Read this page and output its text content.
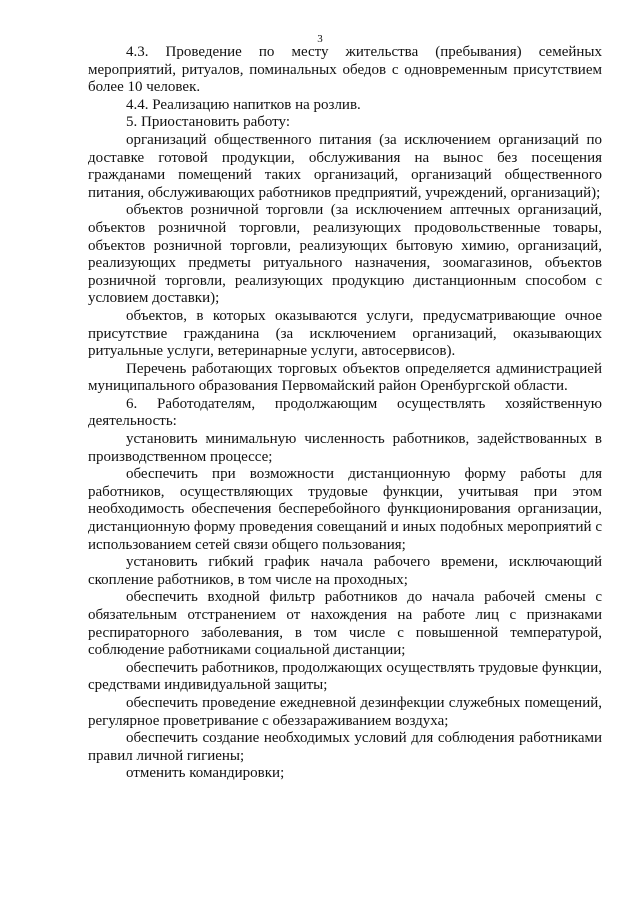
3

4.3. Проведение по месту жительства (пребывания) семейных мероприятий, ритуалов, поминальных обедов с одновременным присутствием более 10 человек.

4.4. Реализацию напитков на розлив.

5. Приостановить работу:

организаций общественного питания (за исключением организаций по доставке готовой продукции, обслуживания на вынос без посещения гражданами помещений таких организаций, организаций общественного питания, обслуживающих работников предприятий, учреждений, организаций);

объектов розничной торговли (за исключением аптечных организаций, объектов розничной торговли, реализующих продовольственные товары, объектов розничной торговли, реализующих бытовую химию, организаций, реализующих предметы ритуального назначения, зоомагазинов, объектов розничной торговли, реализующих продукцию дистанционным способом с условием доставки);

объектов, в которых оказываются услуги, предусматривающие очное присутствие гражданина (за исключением организаций, оказывающих ритуальные услуги, ветеринарные услуги, автосервисов).

Перечень работающих торговых объектов определяется администрацией муниципального образования Первомайский район Оренбургской области.

6. Работодателям, продолжающим осуществлять хозяйственную деятельность:

установить минимальную численность работников, задействованных в производственном процессе;

обеспечить при возможности дистанционную форму работы для работников, осуществляющих трудовые функции, учитывая при этом необходимость обеспечения бесперебойного функционирования организации, дистанционную форму проведения совещаний и иных подобных мероприятий с использованием сетей связи общего пользования;

установить гибкий график начала рабочего времени, исключающий скопление работников, в том числе на проходных;

обеспечить входной фильтр работников до начала рабочей смены с обязательным отстранением от нахождения на работе лиц с признаками респираторного заболевания, в том числе с повышенной температурой, соблюдение работниками социальной дистанции;

обеспечить работников, продолжающих осуществлять трудовые функции, средствами индивидуальной защиты;

обеспечить проведение ежедневной дезинфекции служебных помещений, регулярное проветривание с обеззараживанием воздуха;

обеспечить создание необходимых условий для соблюдения работниками правил личной гигиены;

отменить командировки;
